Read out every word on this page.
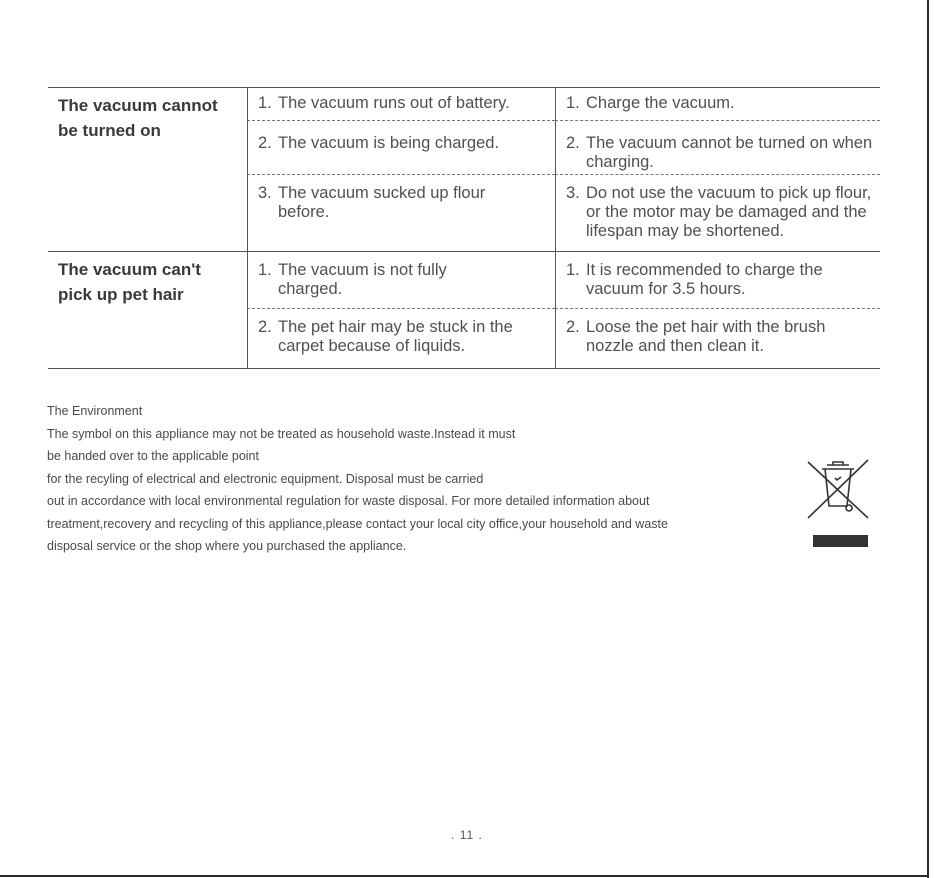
The vacuum cannot be turned on
1. The vacuum runs out of battery.	1. Charge the vacuum.
2. The vacuum is being charged.	2. The vacuum cannot be turned on when charging.
3. The vacuum sucked up flour before.
3. Do not use the vacuum to pick up flour, or the motor may be damaged and the lifespan may be shortened.
The vacuum can't pick up pet hair
1. The vacuum is not fully charged.
1. It is recommended to charge the vacuum for 3.5 hours.
2. The pet hair may be stuck in the carpet because of liquids.
2. Loose the pet hair with the brush nozzle and then clean it.
The Environment
The symbol on this appliance may not be treated as household waste.Instead it must
be handed over to the applicable point
for the recyling of electrical and electronic equipment. Disposal must be carried
out in accordance with local environmental regulation for waste disposal. For more detailed information about
treatment,recovery and recycling of this appliance,please contact your local city office,your household and waste
disposal service or the shop where you purchased the appliance.
. 11 .
